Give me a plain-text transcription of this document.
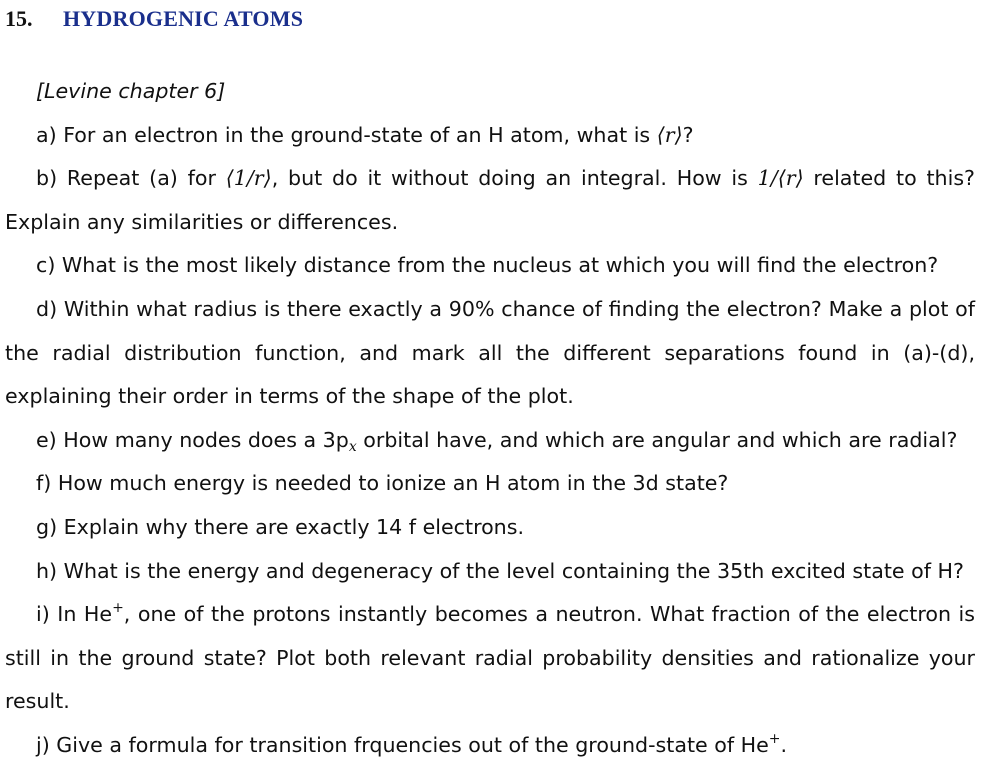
15. HYDROGENIC ATOMS

[Levine chapter 6]

a) For an electron in the ground-state of an H atom, what is ⟨r⟩?

b) Repeat (a) for ⟨1/r⟩, but do it without doing an integral. How is 1/⟨r⟩ related to this? Explain any similarities or differences.

c) What is the most likely distance from the nucleus at which you will find the electron?

d) Within what radius is there exactly a 90% chance of finding the electron? Make a plot of the radial distribution function, and mark all the different separations found in (a)-(d), explaining their order in terms of the shape of the plot.

e) How many nodes does a $3p_x$ orbital have, and which are angular and which are radial?

f) How much energy is needed to ionize an H atom in the 3d state?

g) Explain why there are exactly 14 f electrons.

h) What is the energy and degeneracy of the level containing the 35th excited state of H?

i) In He+, one of the protons instantly becomes a neutron. What fraction of the electron is still in the ground state? Plot both relevant radial probability densities and rationalize your result.

j) Give a formula for transition frquencies out of the ground-state of He+.
